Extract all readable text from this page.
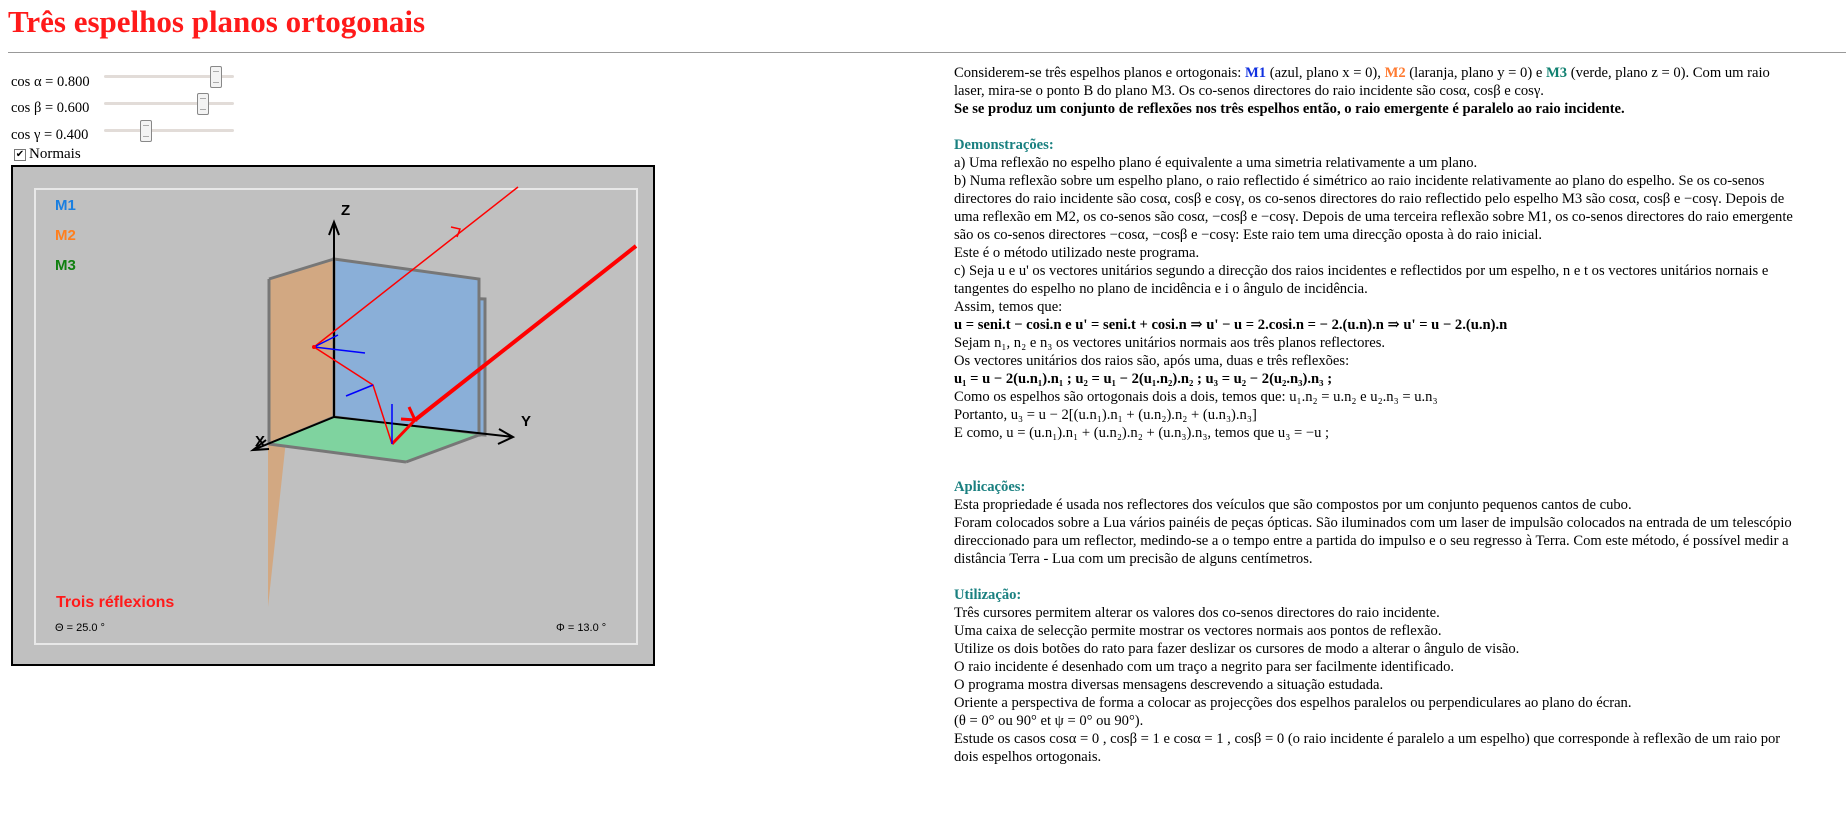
Três espelhos planos ortogonais
cos α = 0.800
cos β = 0.600
cos γ = 0.400
✔ Normais
M1
M2
M3
Z
Y
X
Trois réflexions
Θ = 25.0 °	Φ = 13.0 °

Considerem-se três espelhos planos e ortogonais: M1 (azul, plano x = 0), M2 (laranja, plano y = 0) e M3 (verde, plano z = 0). Com um raio laser, mira-se o ponto B do plano M3. Os co-senos directores do raio incidente são cosα, cosβ e cosγ.

Se se produz um conjunto de reflexões nos três espelhos então, o raio emergente é paralelo ao raio incidente.

Demonstrações:

a) Uma reflexão no espelho plano é equivalente a uma simetria relativamente a um plano.

b) Numa reflexão sobre um espelho plano, o raio reflectido é simétrico ao raio incidente relativamente ao plano do espelho. Se os co-senos directores do raio incidente são cosα, cosβ e cosγ, os co-senos directores do raio reflectido pelo espelho M3 são cosα, cosβ e −cosγ. Depois de uma reflexão em M2, os co-senos são cosα, −cosβ e −cosγ. Depois de uma terceira reflexão sobre M1, os co-senos directores do raio emergente são os co-senos directores −cosα, −cosβ e −cosγ: Este raio tem uma direcção oposta à do raio inicial.

Este é o método utilizado neste programa.

c) Seja u e u' os vectores unitários segundo a direcção dos raios incidentes e reflectidos por um espelho, n e t os vectores unitários nornais e tangentes do espelho no plano de incidência e i o ângulo de incidência.

Assim, temos que:

u = seni.t − cosi.n e u' = seni.t + cosi.n ⇒ u' − u = 2.cosi.n = − 2.(u.n).n ⇒ u' = u − 2.(u.n).n

Sejam n₁, n₂ e n₃ os vectores unitários normais aos três planos reflectores.

Os vectores unitários dos raios são, após uma, duas e três reflexões:

u₁ = u − 2(u.n₁).n₁ ; u₂ = u₁ − 2(u₁.n₂).n₂ ; u₃ = u₂ − 2(u₂.n₃).n₃ ;

Como os espelhos são ortogonais dois a dois, temos que: u₁.n₂ = u.n₂ e u₂.n₃ = u.n₃

Portanto, u₃ = u − 2[(u.n₁).n₁ + (u.n₂).n₂ + (u.n₃).n₃]

E como, u = (u.n₁).n₁ + (u.n₂).n₂ + (u.n₃).n₃, temos que u₃ = −u ;

Aplicações:

Esta propriedade é usada nos reflectores dos veículos que são compostos por um conjunto pequenos cantos de cubo.

Foram colocados sobre a Lua vários painéis de peças ópticas. São iluminados com um laser de impulsão colocados na entrada de um telescópio direccionado para um reflector, medindo-se a o tempo entre a partida do impulso e o seu regresso à Terra. Com este método, é possível medir a distância Terra - Lua com um precisão de alguns centímetros.

Utilização:

Três cursores permitem alterar os valores dos co-senos directores do raio incidente.

Uma caixa de selecção permite mostrar os vectores normais aos pontos de reflexão.

Utilize os dois botões do rato para fazer deslizar os cursores de modo a alterar o ângulo de visão.

O raio incidente é desenhado com um traço a negrito para ser facilmente identificado.

O programa mostra diversas mensagens descrevendo a situação estudada.

Oriente a perspectiva de forma a colocar as projecções dos espelhos paralelos ou perpendiculares ao plano do écran.

(θ = 0° ou 90° et ψ = 0° ou 90°).

Estude os casos cosα = 0 , cosβ = 1 e cosα = 1 , cosβ = 0 (o raio incidente é paralelo a um espelho) que corresponde à reflexão de um raio por dois espelhos ortogonais.
